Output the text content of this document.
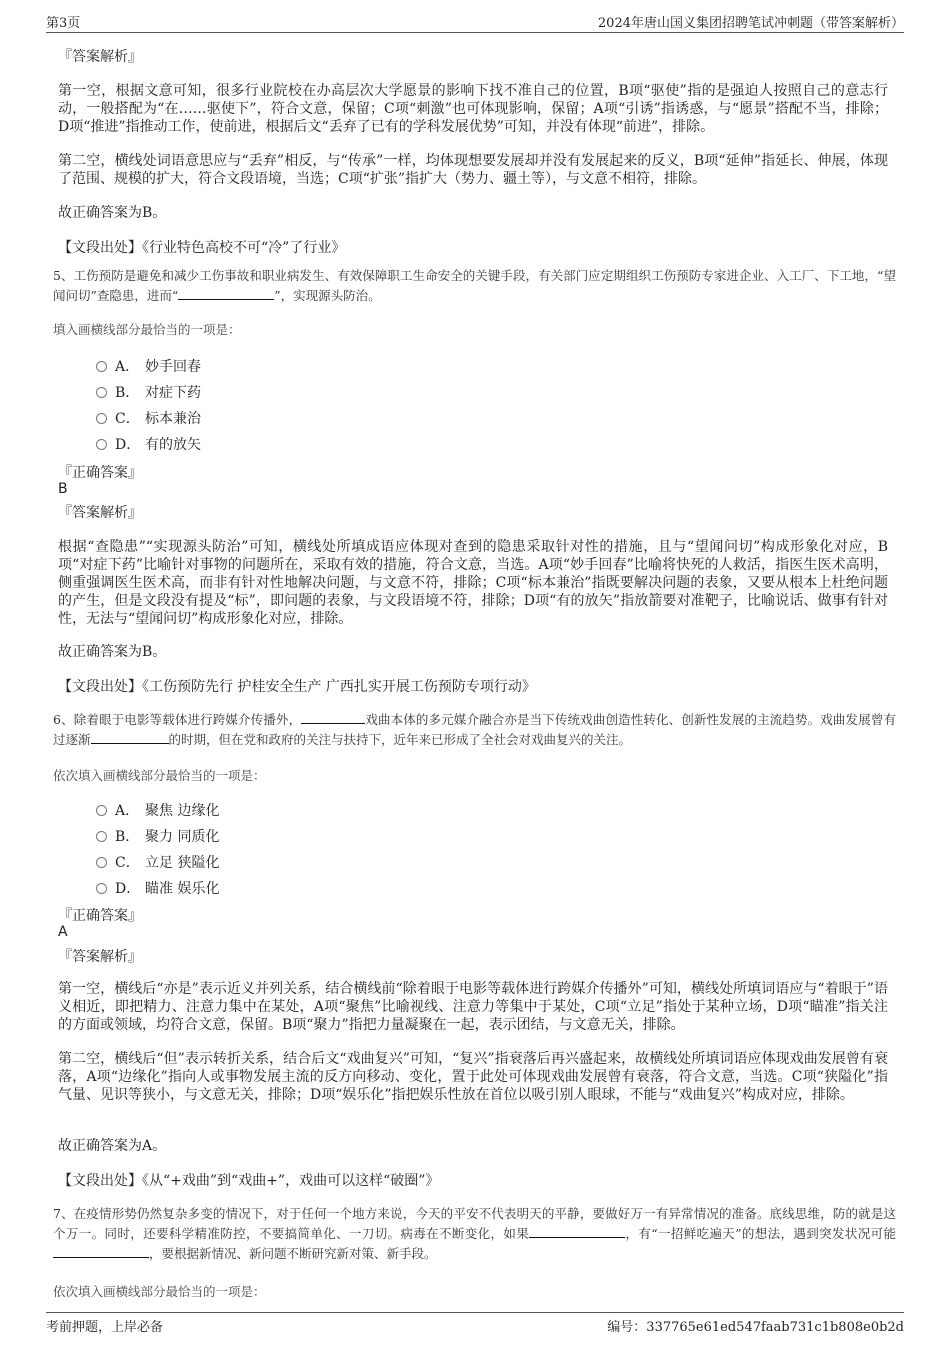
第3页	2024年唐山国义集团招聘笔试冲刺题（带答案解析）
『答案解析』
第一空，根据文意可知，很多行业院校在办高层次大学愿景的影响下找不准自己的位置，B项“驱使”指的是强迫人按照自己的意志行动，一般搭配为“在……驱使下”，符合文意，保留；C项“刺激”也可体现影响，保留；A项“引诱”指诱惑，与“愿景”搭配不当，排除；D项“推进”指推动工作，使前进，根据后文“丢弃了已有的学科发展优势”可知，并没有体现“前进”，排除。
第二空，横线处词语意思应与“丢弃”相反，与“传承”一样，均体现想要发展却并没有发展起来的反义，B项“延伸”指延长、伸展，体现了范围、规模的扩大，符合文段语境，当选；C项“扩张”指扩大（势力、疆土等），与文意不相符，排除。
故正确答案为B。
【文段出处】《行业特色高校不可“冷”了行业》
5、工伤预防是避免和减少工伤事故和职业病发生、有效保障职工生命安全的关键手段，有关部门应定期组织工伤预防专家进企业、入工厂、下工地，“望闻问切”查隐患，进而“	”，实现源头防治。
填入画横线部分最恰当的一项是：
A． 妙手回春
B． 对症下药
C． 标本兼治
D． 有的放矢
『正确答案』
B
『答案解析』
根据“查隐患”“实现源头防治”可知，横线处所填成语应体现对查到的隐患采取针对性的措施，且与“望闻问切”构成形象化对应，B项“对症下药”比喻针对事物的问题所在，采取有效的措施，符合文意，当选。A项“妙手回春”比喻将快死的人救活，指医生医术高明，侧重强调医生医术高，而非有针对性地解决问题，与文意不符，排除；C项“标本兼治”指既要解决问题的表象，又要从根本上杜绝问题的产生，但是文段没有提及“标”，即问题的表象，与文段语境不符，排除；D项“有的放矢”指放箭要对准靶子，比喻说话、做事有针对性，无法与“望闻问切”构成形象化对应，排除。
故正确答案为B。
【文段出处】《工伤预防先行 护桂安全生产 广西扎实开展工伤预防专项行动》
6、除着眼于电影等载体进行跨媒介传播外，	戏曲本体的多元媒介融合亦是当下传统戏曲创造性转化、创新性发展的主流趋势。戏曲发展曾有过逐渐	的时期，但在党和政府的关注与扶持下，近年来已形成了全社会对戏曲复兴的关注。
依次填入画横线部分最恰当的一项是：
A． 聚焦 边缘化
B． 聚力 同质化
C． 立足 狭隘化
D． 瞄准 娱乐化
『正确答案』
A
『答案解析』
第一空，横线后“亦是”表示近义并列关系，结合横线前“除着眼于电影等载体进行跨媒介传播外”可知，横线处所填词语应与“着眼于”语义相近，即把精力、注意力集中在某处，A项“聚焦”比喻视线、注意力等集中于某处，C项“立足”指处于某种立场，D项“瞄准”指关注的方面或领域，均符合文意，保留。B项“聚力”指把力量凝聚在一起，表示团结，与文意无关，排除。
第二空，横线后“但”表示转折关系，结合后文“戏曲复兴”可知，“复兴”指衰落后再兴盛起来，故横线处所填词语应体现戏曲发展曾有衰落，A项“边缘化”指向人或事物发展主流的反方向移动、变化，置于此处可体现戏曲发展曾有衰落，符合文意，当选。C项“狭隘化”指气量、见识等狭小，与文意无关，排除；D项“娱乐化”指把娱乐性放在首位以吸引别人眼球，不能与“戏曲复兴”构成对应，排除。
故正确答案为A。
【文段出处】《从“+戏曲”到“戏曲+”，戏曲可以这样“破圈”》
7、在疫情形势仍然复杂多变的情况下，对于任何一个地方来说，今天的平安不代表明天的平静，要做好万一有异常情况的准备。底线思维，防的就是这个万一。同时，还要科学精准防控，不要搞简单化、一刀切。病毒在不断变化，如果	，有“一招鲜吃遍天”的想法，遇到突发状况可能，要根据新情况、新问题不断研究新对策、新手段。
依次填入画横线部分最恰当的一项是：
考前押题，上岸必备	编号：337765e61ed547faab731c1b808e0b2d
